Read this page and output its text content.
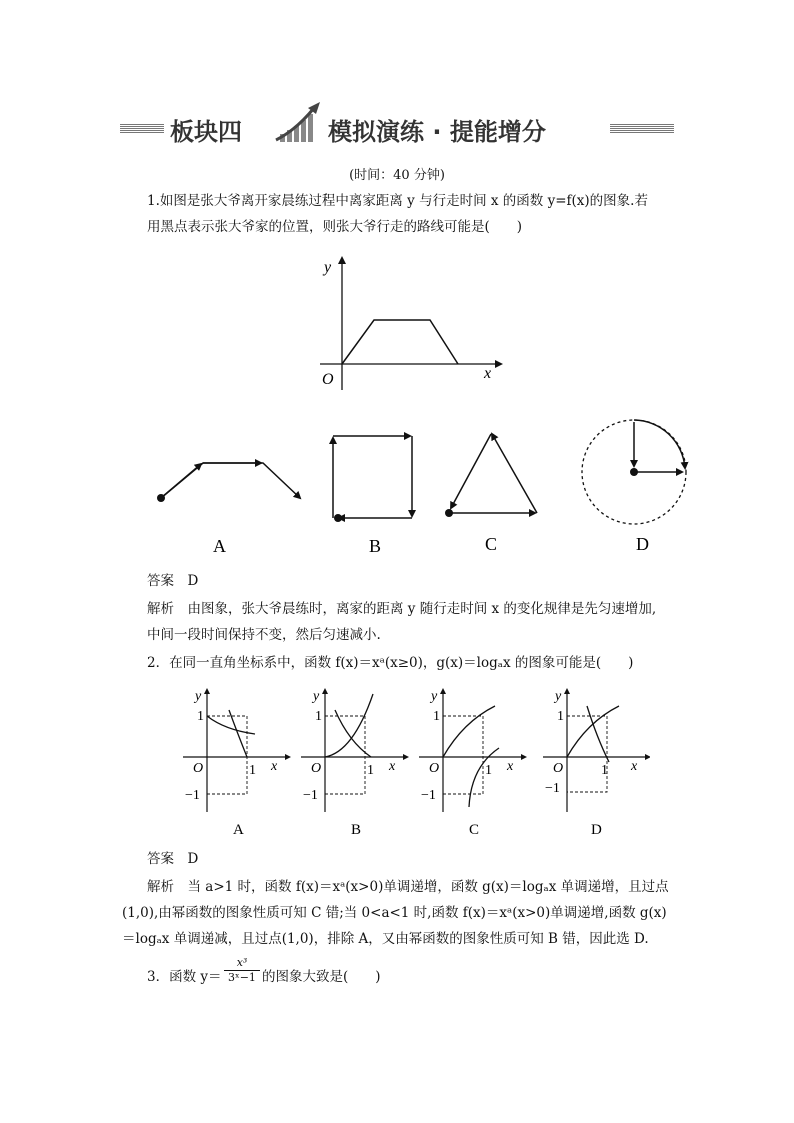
板块四	模拟演练 · 提能增分
(时间：40 分钟)
1.如图是张大爷离开家晨练过程中离家距离 y 与行走时间 x 的函数 y=f(x)的图象.若
用黑点表示张大爷家的位置，则张大爷行走的路线可能是(　　)
y
x
O
A	B	C	D
答案　D
解析　由图象，张大爷晨练时，离家的距离 y 随行走时间 x 的变化规律是先匀速增加,
中间一段时间保持不变，然后匀速减小.
2．在同一直角坐标系中，函数 f(x)＝xᵃ(x≥0)，g(x)＝logₐx 的图象可能是(　　)
y
1
O	1 x
−1
A
y
1
O	1 x
−1
B
y
1
O	1 x
−1
C
y
1
O	1 x
−1
D
答案　D
解析　当 a>1 时，函数 f(x)＝xᵃ(x>0)单调递增，函数 g(x)＝logₐx 单调递增，且过点
(1,0),由幂函数的图象性质可知 C 错;当 0<a<1 时,函数 f(x)＝xᵃ(x>0)单调递增,函数 g(x)
＝logₐx 单调递减，且过点(1,0)，排除 A，又由幂函数的图象性质可知 B 错，因此选 D.
3．函数 y＝
x³
3ˣ−1 的图象大致是(　　)
